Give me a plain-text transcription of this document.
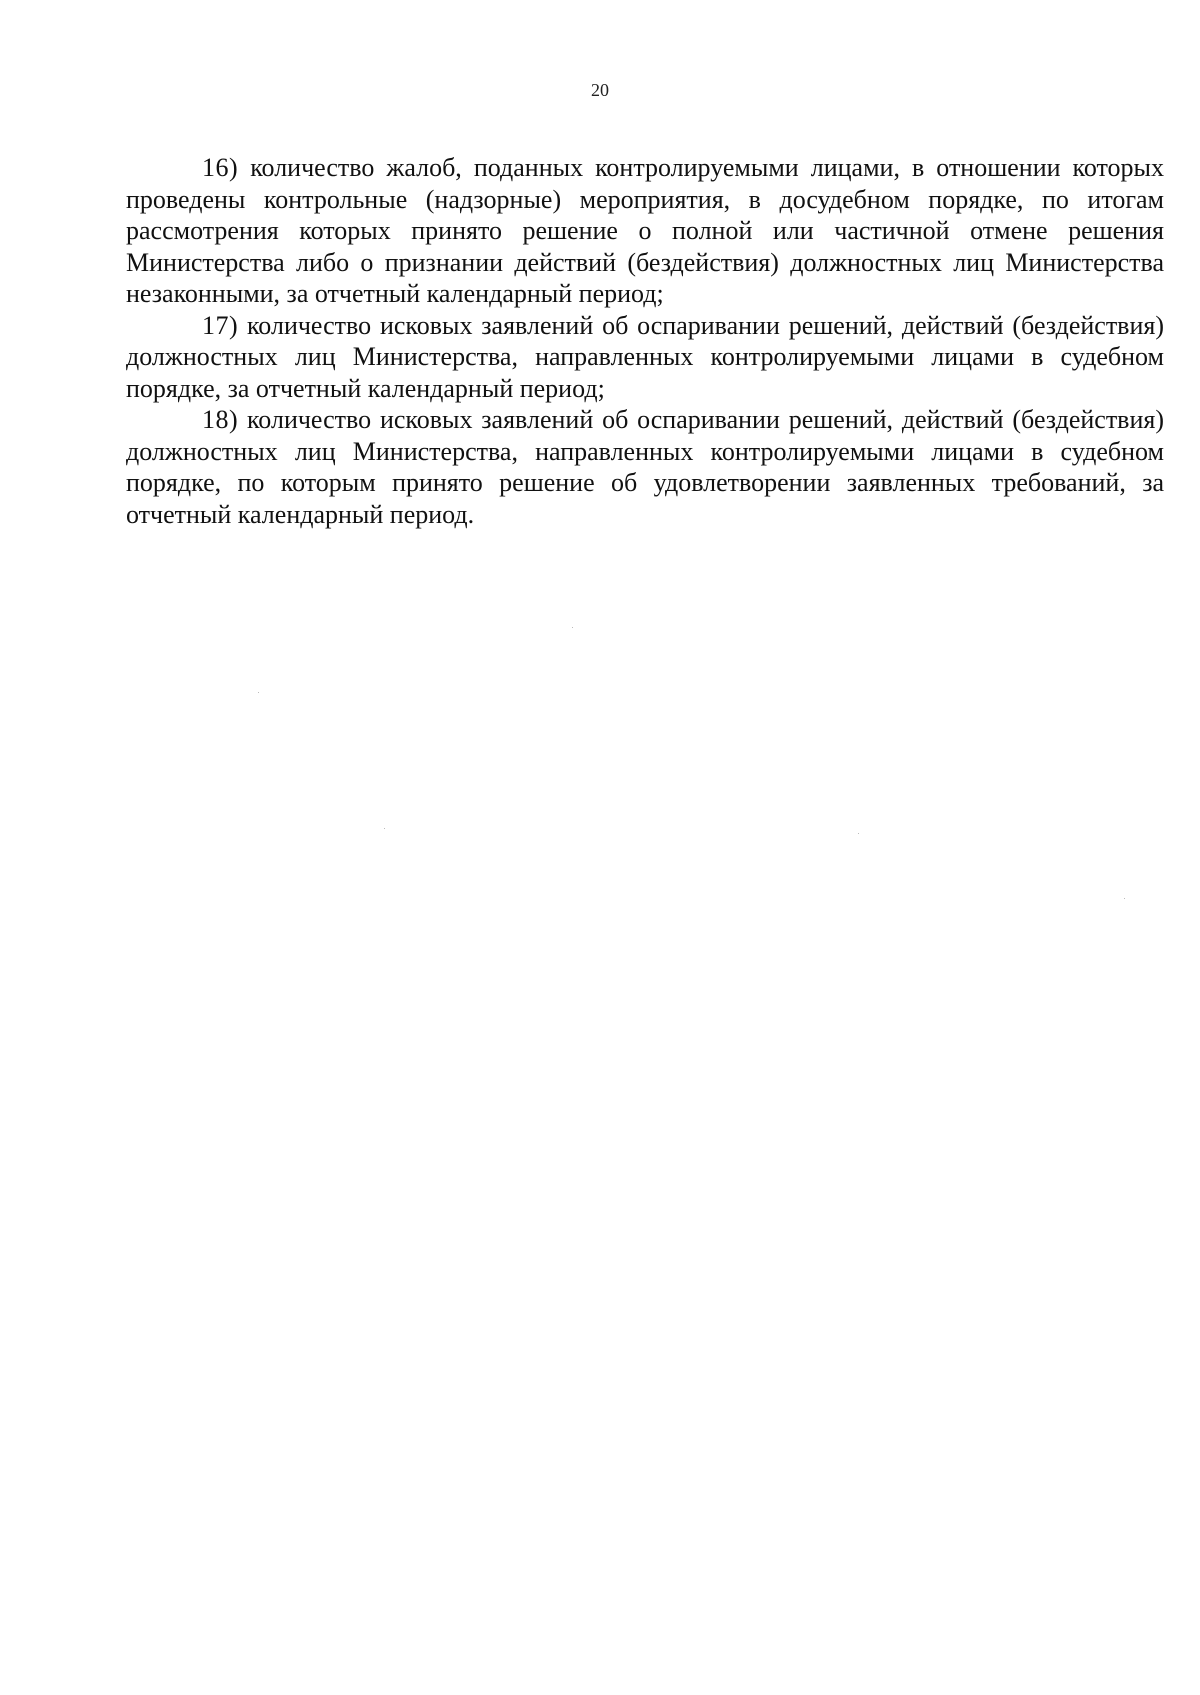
20

16) количество жалоб, поданных контролируемыми лицами, в отношении которых проведены контрольные (надзорные) мероприятия, в досудебном порядке, по итогам рассмотрения которых принято решение о полной или частичной отмене решения Министерства либо о признании действий (бездействия) должностных лиц Министерства незаконными, за отчетный календарный период;

17) количество исковых заявлений об оспаривании решений, действий (бездействия) должностных лиц Министерства, направленных контролируемыми лицами в судебном порядке, за отчетный календарный период;

18) количество исковых заявлений об оспаривании решений, действий (бездействия) должностных лиц Министерства, направленных контролируемыми лицами в судебном порядке, по которым принято решение об удовлетворении заявленных требований, за отчетный календарный период.
